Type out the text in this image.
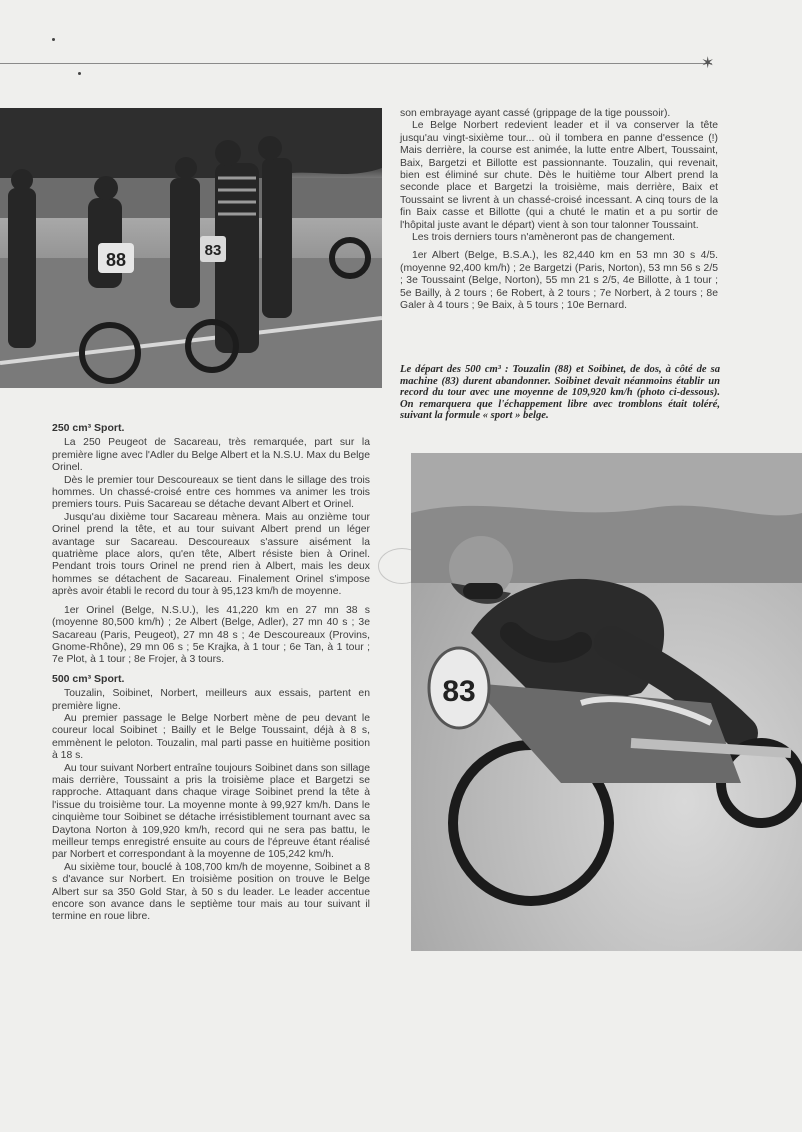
✶
88	83

son embrayage ayant cassé (grippage de la tige poussoir).

Le Belge Norbert redevient leader et il va conserver la tête jusqu'au vingt-sixième tour... où il tombera en panne d'essence (!) Mais derrière, la course est animée, la lutte entre Albert, Toussaint, Baix, Bargetzi et Billotte est passionnante. Touzalin, qui revenait, bien est éliminé sur chute. Dès le huitième tour Albert prend la seconde place et Bargetzi la troisième, mais derrière, Baix et Toussaint se livrent à un chassé-croisé incessant. A cinq tours de la fin Baix casse et Billotte (qui a chuté le matin et a pu sortir de l'hôpital juste avant le départ) vient à son tour talonner Toussaint.

Les trois derniers tours n'amèneront pas de changement.

1er Albert (Belge, B.S.A.), les 82,440 km en 53 mn 30 s 4/5. (moyenne 92,400 km/h) ; 2e Bargetzi (Paris, Norton), 53 mn 56 s 2/5 ; 3e Toussaint (Belge, Norton), 55 mn 21 s 2/5, 4e Billotte, à 1 tour ; 5e Bailly, à 2 tours ; 6e Robert, à 2 tours ; 7e Norbert, à 2 tours ; 8e Galer à 4 tours ; 9e Baix, à 5 tours ; 10e Bernard.

Le départ des 500 cm³ : Touzalin (88) et Soibinet, de dos, à côté de sa machine (83) durent abandonner. Soibinet devait néanmoins établir un record du tour avec une moyenne de 109,920 km/h (photo ci-dessous). On remarquera que l'échappement libre avec tromblons était toléré, suivant la formule « sport » belge.
250 cm³ Sport.

La 250 Peugeot de Sacareau, très remarquée, part sur la première ligne avec l'Adler du Belge Albert et la N.S.U. Max du Belge Orinel.

Dès le premier tour Descoureaux se tient dans le sillage des trois hommes. Un chassé-croisé entre ces hommes va animer les trois premiers tours. Puis Sacareau se détache devant Albert et Orinel.

Jusqu'au dixième tour Sacareau mènera. Mais au onzième tour Orinel prend la tête, et au tour suivant Albert prend un léger avantage sur Sacareau. Descoureaux s'assure aisément la quatrième place alors, qu'en tête, Albert résiste bien à Orinel. Pendant trois tours Orinel ne prend rien à Albert, mais les deux hommes se détachent de Sacareau. Finalement Orinel s'impose après avoir établi le record du tour à 95,123 km/h de moyenne.

1er Orinel (Belge, N.S.U.), les 41,220 km en 27 mn 38 s (moyenne 80,500 km/h) ; 2e Albert (Belge, Adler), 27 mn 40 s ; 3e Sacareau (Paris, Peugeot), 27 mn 48 s ; 4e Descoureaux (Provins, Gnome-Rhône), 29 mn 06 s ; 5e Krajka, à 1 tour ; 6e Tan, à 1 tour ; 7e Plot, à 1 tour ; 8e Frojer, à 3 tours.

500 cm³ Sport.

Touzalin, Soibinet, Norbert, meilleurs aux essais, partent en première ligne.

Au premier passage le Belge Norbert mène de peu devant le coureur local Soibinet ; Bailly et le Belge Toussaint, déjà à 8 s, emmènent le peloton. Touzalin, mal parti passe en huitième position à 18 s.

Au tour suivant Norbert entraîne toujours Soibinet dans son sillage mais derrière, Toussaint a pris la troisième place et Bargetzi se rapproche. Attaquant dans chaque virage Soibinet prend la tête à l'issue du troisième tour. La moyenne monte à 99,927 km/h. Dans le cinquième tour Soibinet se détache irrésistiblement tournant avec sa Daytona Norton à 109,920 km/h, record qui ne sera pas battu, le meilleur temps enregistré ensuite au cours de l'épreuve étant réalisé par Norbert et correspondant à la moyenne de 105,242 km/h.

Au sixième tour, bouclé à 108,700 km/h de moyenne, Soibinet a 8 s d'avance sur Norbert. En troisième position on trouve le Belge Albert sur sa 350 Gold Star, à 50 s du leader. Le leader accentue encore son avance dans le septième tour mais au tour suivant il termine en roue libre.

83
